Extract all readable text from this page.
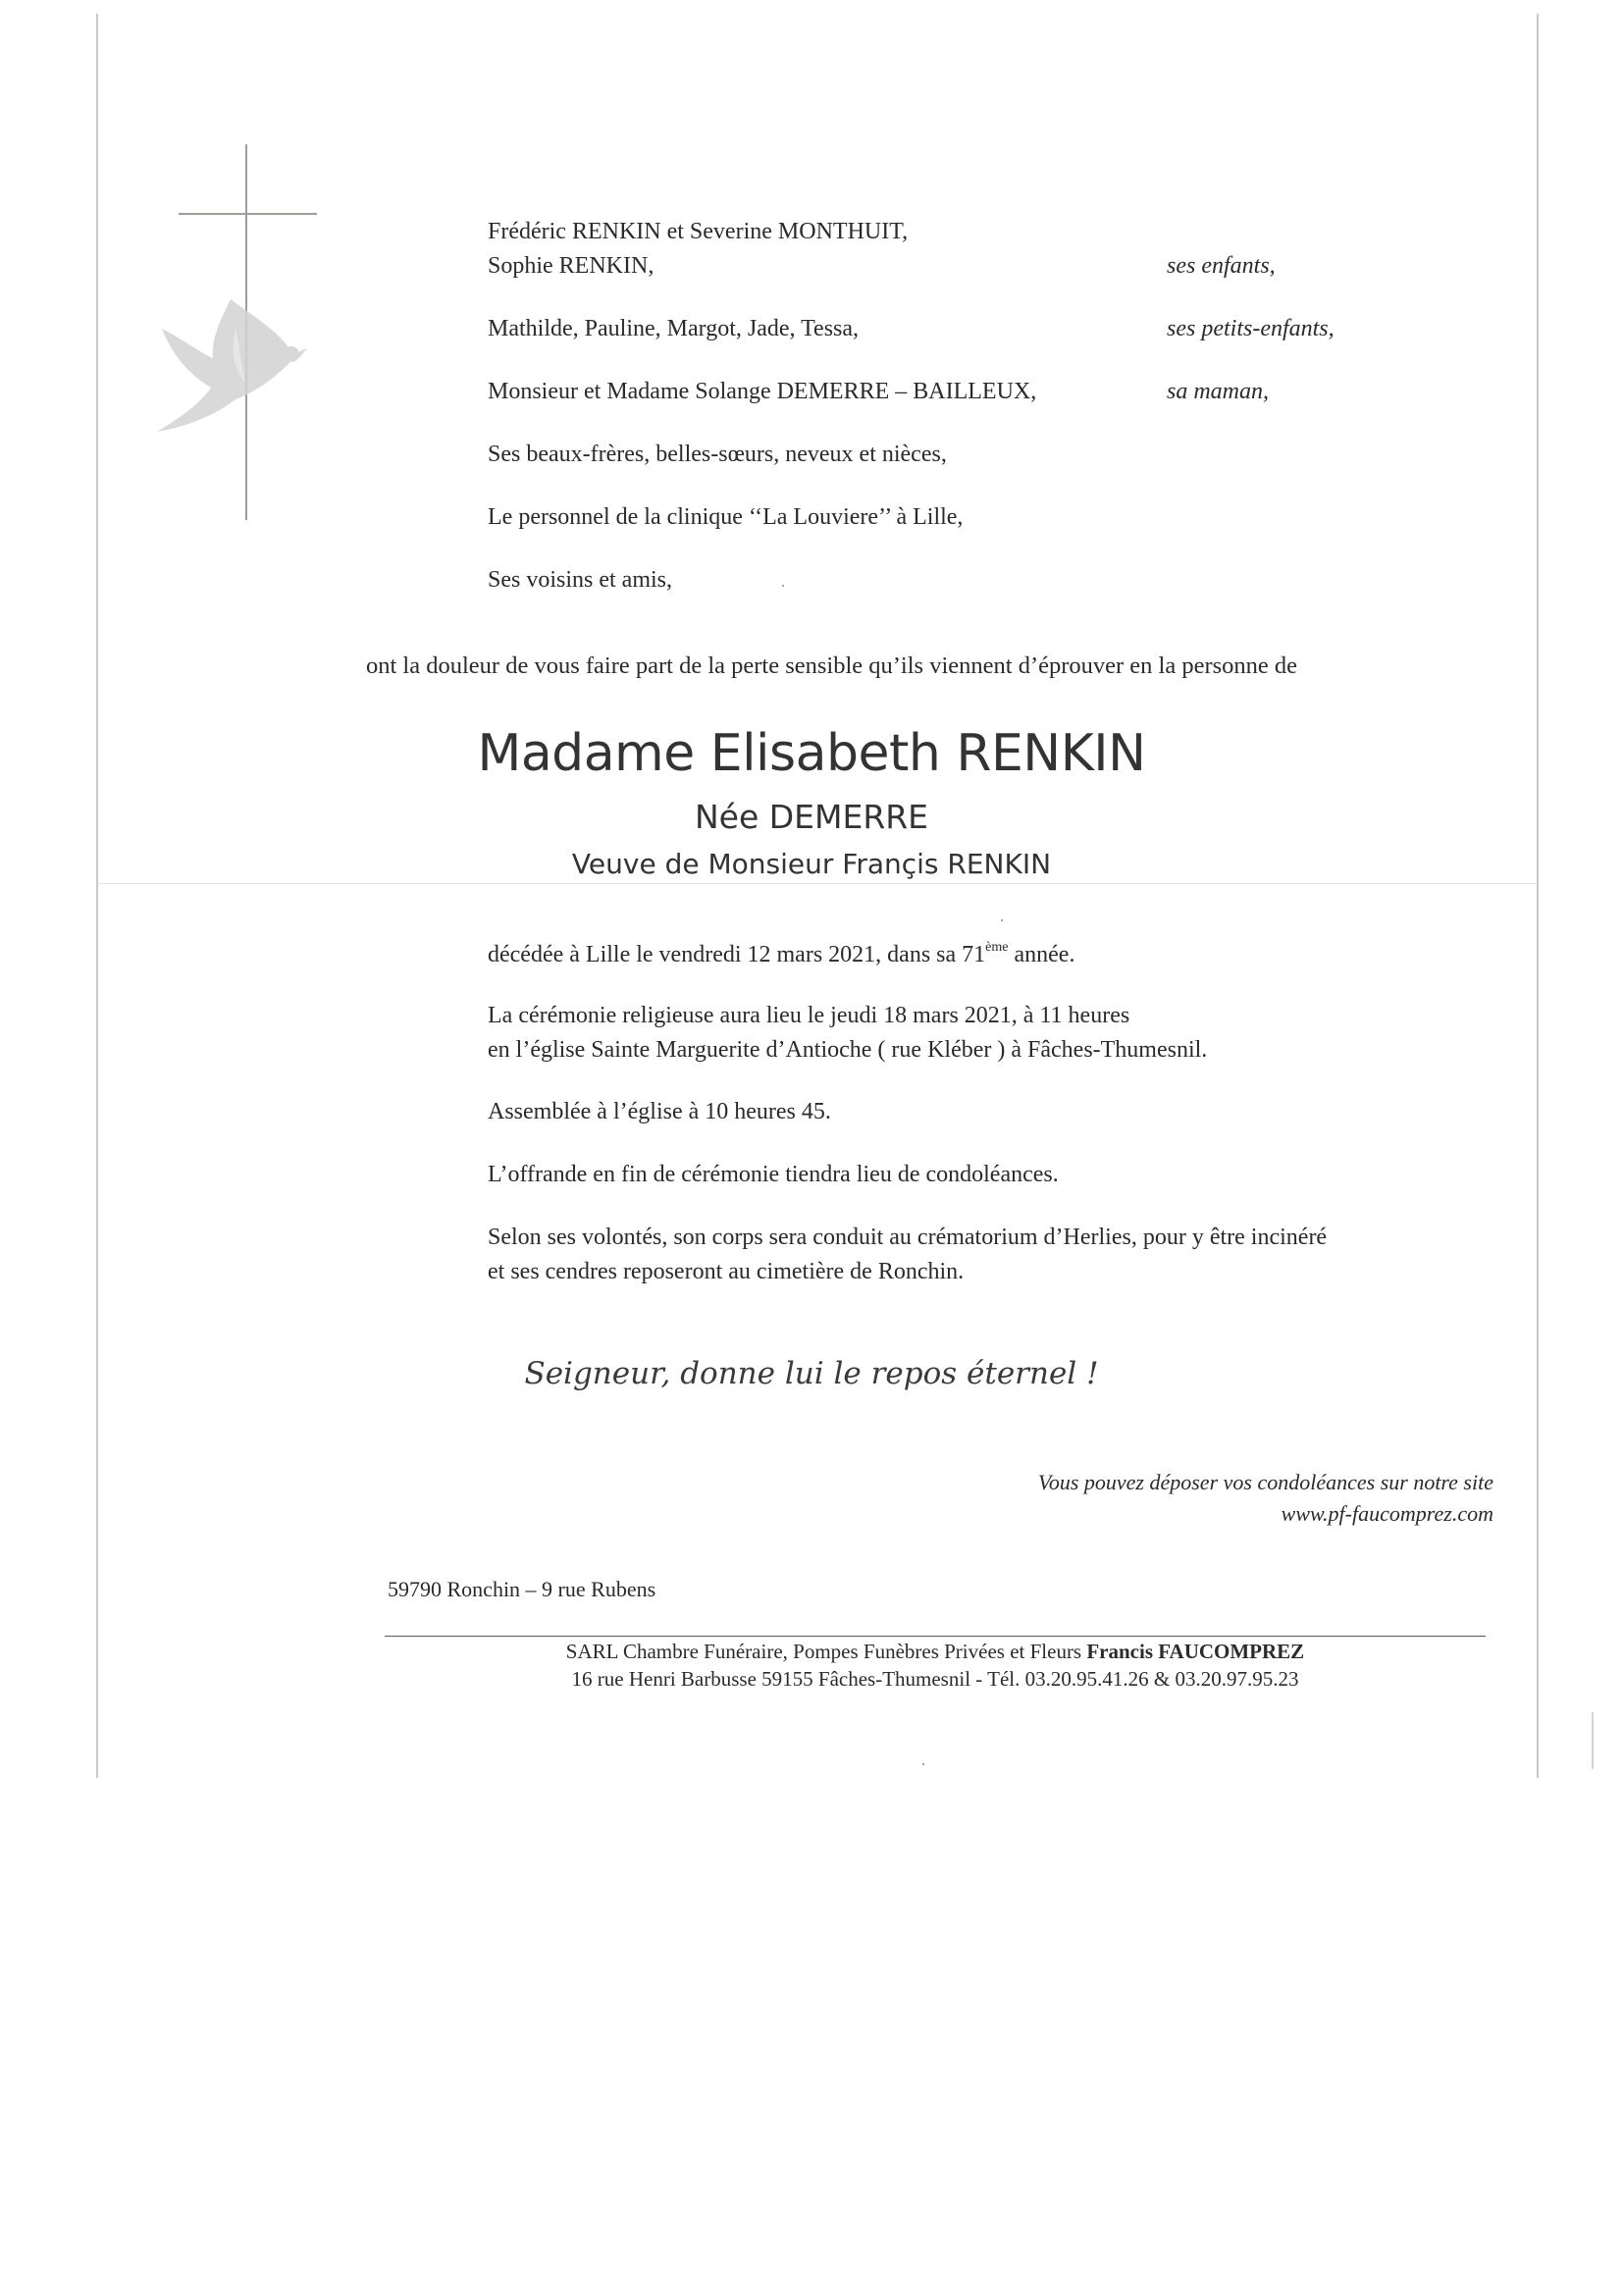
Frédéric RENKIN et Severine MONTHUIT,
Sophie RENKIN,	ses enfants,
Mathilde, Pauline, Margot, Jade, Tessa,	ses petits-enfants,
Monsieur et Madame Solange DEMERRE – BAILLEUX,	sa maman,
Ses beaux-frères, belles-sœurs, neveux et nièces,
Le personnel de la clinique ‘‘La Louviere’’ à Lille,
Ses voisins et amis,
ont la douleur de vous faire part de la perte sensible qu’ils viennent d’éprouver en la personne de
Madame Elisabeth RENKIN
Née DEMERRE
Veuve de Monsieur Françis RENKIN
décédée à Lille le vendredi 12 mars 2021, dans sa 71ème année.
La cérémonie religieuse aura lieu le jeudi 18 mars 2021, à 11 heures
en l’église Sainte Marguerite d’Antioche ( rue Kléber ) à Fâches-Thumesnil.
Assemblée à l’église à 10 heures 45.
L’offrande en fin de cérémonie tiendra lieu de condoléances.
Selon ses volontés, son corps sera conduit au crématorium d’Herlies, pour y être incinéré
et ses cendres reposeront au cimetière de Ronchin.
Seigneur, donne lui le repos éternel !
Vous pouvez déposer vos condoléances sur notre site
www.pf-faucomprez.com
59790 Ronchin – 9 rue Rubens
SARL Chambre Funéraire, Pompes Funèbres Privées et Fleurs Francis FAUCOMPREZ
16 rue Henri Barbusse 59155 Fâches-Thumesnil - Tél. 03.20.95.41.26 & 03.20.97.95.23
